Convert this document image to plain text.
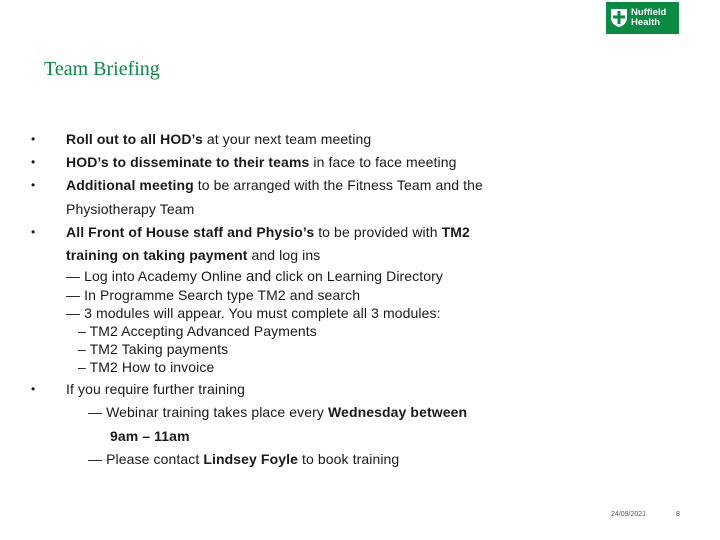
Nuffield
Health
Team Briefing
• Roll out to all HOD’s at your next team meeting
• HOD’s to disseminate to their teams in face to face meeting
• Additional meeting to be arranged with the Fitness Team and the
Physiotherapy Team
• All Front of House staff and Physio’s to be provided with TM2
training on taking payment and log ins
— Log into Academy Online and click on Learning Directory
— In Programme Search type TM2 and search
— 3 modules will appear. You must complete all 3 modules:
– TM2 Accepting Advanced Payments
– TM2 Taking payments
– TM2 How to invoice
• If you require further training
— Webinar training takes place every Wednesday between
9am – 11am
— Please contact Lindsey Foyle to book training
24/09/2021	8
